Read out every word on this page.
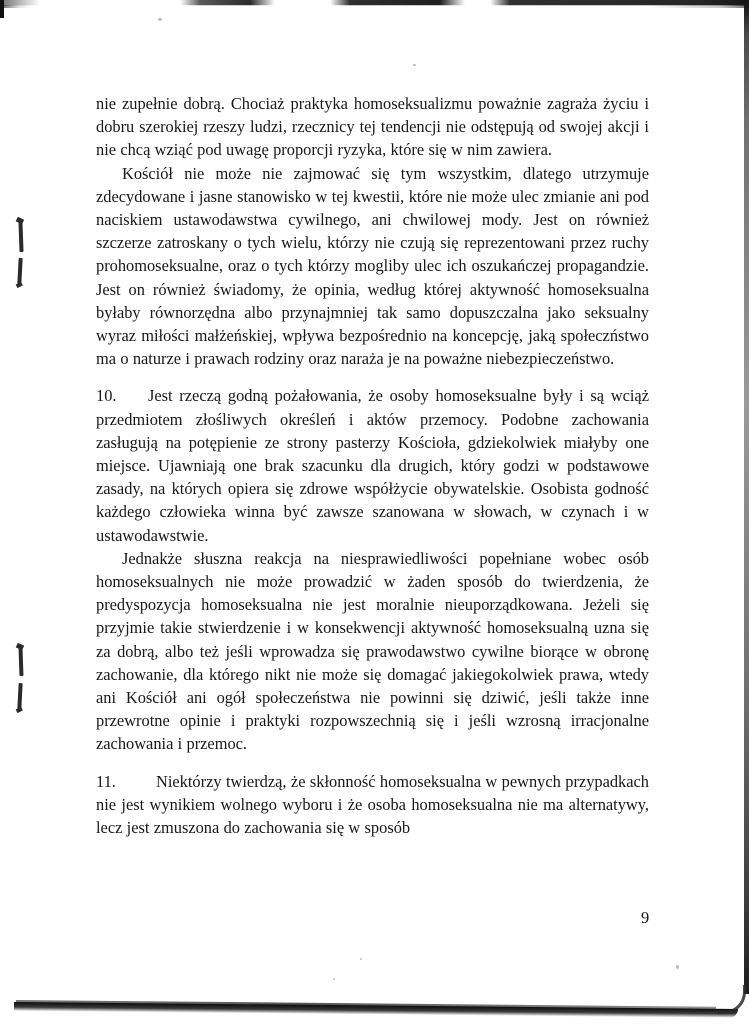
nie zupełnie dobrą. Chociaż praktyka homoseksualizmu poważnie zagraża życiu i dobru szerokiej rzeszy ludzi, rzecznicy tej tendencji nie odstępują od swojej akcji i nie chcą wziąć pod uwagę proporcji ryzyka, które się w nim zawiera.

Kościół nie może nie zajmować się tym wszystkim, dlatego utrzymuje zdecydowane i jasne stanowisko w tej kwestii, które nie może ulec zmianie ani pod naciskiem ustawodawstwa cywilnego, ani chwilowej mody. Jest on również szczerze zatroskany o tych wielu, którzy nie czują się reprezentowani przez ruchy prohomoseksualne, oraz o tych którzy mogliby ulec ich oszukańczej propagandzie. Jest on również świadomy, że opinia, według której aktywność homoseksualna byłaby równorzędna albo przynajmniej tak samo dopuszczalna jako seksualny wyraz miłości małżeńskiej, wpływa bezpośrednio na koncepcję, jaką społeczństwo ma o naturze i prawach rodziny oraz naraża je na poważne niebezpieczeństwo.

10. Jest rzeczą godną pożałowania, że osoby homoseksualne były i są wciąż przedmiotem złośliwych określeń i aktów przemocy. Podobne zachowania zasługują na potępienie ze strony pasterzy Kościoła, gdziekolwiek miałyby one miejsce. Ujawniają one brak szacunku dla drugich, który godzi w podstawowe zasady, na których opiera się zdrowe współżycie obywatelskie. Osobista godność każdego człowieka winna być zawsze szanowana w słowach, w czynach i w ustawodawstwie.

Jednakże słuszna reakcja na niesprawiedliwości popełniane wobec osób homoseksualnych nie może prowadzić w żaden sposób do twierdzenia, że predyspozycja homoseksualna nie jest moralnie nieuporządkowana. Jeżeli się przyjmie takie stwierdzenie i w konsekwencji aktywność homoseksualną uzna się za dobrą, albo też jeśli wprowadza się prawodawstwo cywilne biorące w obronę zachowanie, dla którego nikt nie może się domagać jakiegokolwiek prawa, wtedy ani Kościół ani ogół społeczeństwa nie powinni się dziwić, jeśli także inne przewrotne opinie i praktyki rozpowszechnią się i jeśli wzrosną irracjonalne zachowania i przemoc.

11. Niektórzy twierdzą, że skłonność homoseksualna w pewnych przypadkach nie jest wynikiem wolnego wyboru i że osoba homoseksualna nie ma alternatywy, lecz jest zmuszona do zachowania się w sposób

9
